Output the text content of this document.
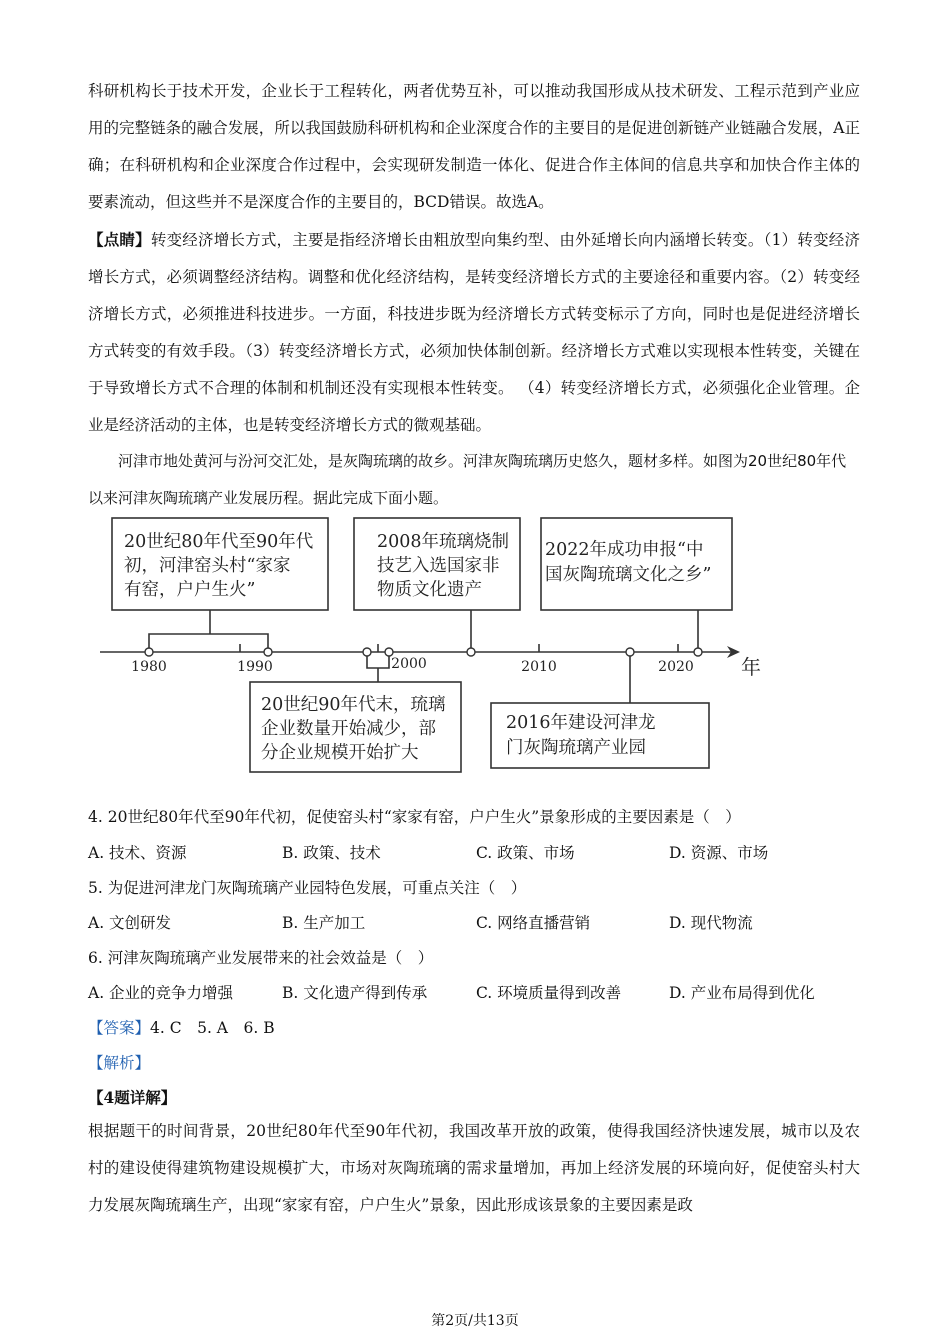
科研机构长于技术开发，企业长于工程转化，两者优势互补，可以推动我国形成从技术研发、工程示范到产业应用的完整链条的融合发展，所以我国鼓励科研机构和企业深度合作的主要目的是促进创新链产业链融合发展，A正确；在科研机构和企业深度合作过程中，会实现研发制造一体化、促进合作主体间的信息共享和加快合作主体的要素流动，但这些并不是深度合作的主要目的，BCD错误。故选A。

【点睛】转变经济增长方式，主要是指经济增长由粗放型向集约型、由外延增长向内涵增长转变。（1）转变经济增长方式，必须调整经济结构。调整和优化经济结构，是转变经济增长方式的主要途径和重要内容。（2）转变经济增长方式，必须推进科技进步。一方面，科技进步既为经济增长方式转变标示了方向，同时也是促进经济增长方式转变的有效手段。（3）转变经济增长方式，必须加快体制创新。经济增长方式难以实现根本性转变，关键在于导致增长方式不合理的体制和机制还没有实现根本性转变。 （4）转变经济增长方式，必须强化企业管理。企业是经济活动的主体，也是转变经济增长方式的微观基础。

河津市地处黄河与汾河交汇处，是灰陶琉璃的故乡。河津灰陶琉璃历史悠久，题材多样。如图为20世纪80年代以来河津灰陶琉璃产业发展历程。据此完成下面小题。

1980	1990	2000	2010	2020 年
20世纪80年代至90年代
初，河津窑头村“家家
有窑，户户生火”
2008年琉璃烧制
技艺入选国家非
物质文化遗产
2022年成功申报“中
国灰陶琉璃文化之乡”
20世纪90年代末，琉璃
企业数量开始减少，部
分企业规模开始扩大
2016年建设河津龙
门灰陶琉璃产业园
4. 20世纪80年代至90年代初，促使窑头村“家家有窑，户户生火”景象形成的主要因素是（　）
A. 技术、资源	B. 政策、技术	C. 政策、市场	D. 资源、市场
5. 为促进河津龙门灰陶琉璃产业园特色发展，可重点关注（　）
A. 文创研发	B. 生产加工	C. 网络直播营销	D. 现代物流
6. 河津灰陶琉璃产业发展带来的社会效益是（　）
A. 企业的竞争力增强	B. 文化遗产得到传承	C. 环境质量得到改善	D. 产业布局得到优化
【答案】4. C　5. A　6. B
【解析】
【4题详解】

根据题干的时间背景，20世纪80年代至90年代初，我国改革开放的政策，使得我国经济快速发展，城市以及农村的建设使得建筑物建设规模扩大，市场对灰陶琉璃的需求量增加，再加上经济发展的环境向好，促使窑头村大力发展灰陶琉璃生产，出现“家家有窑，户户生火”景象，因此形成该景象的主要因素是政

第2页/共13页
